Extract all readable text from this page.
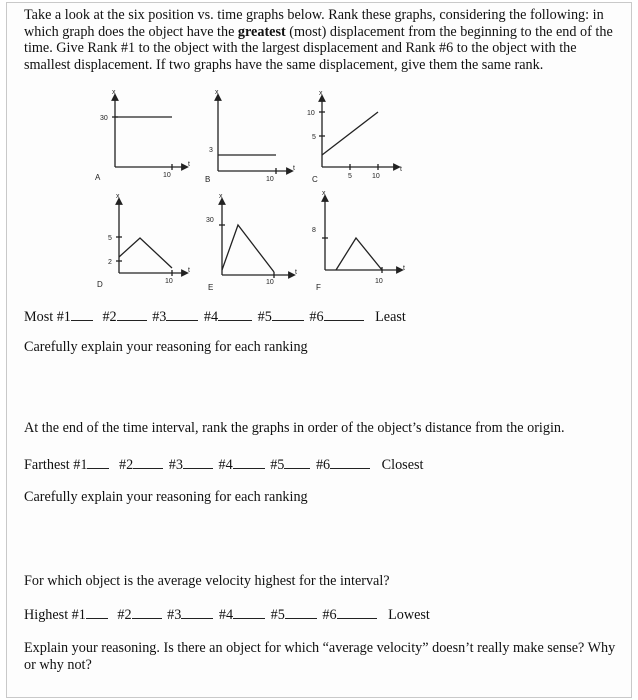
Take a look at the six position vs. time graphs below. Rank these graphs, considering the following: in which graph does the object have the greatest (most) displacement from the beginning to the end of the time. Give Rank #1 to the object with the largest displacement and Rank #6 to the object with the smallest displacement. If two graphs have the same displacement, give them the same rank.
x
t
30
10
A
x
t
3
10
B
x
t
10
5
5	10
C
x
t
5
2
10
D
x
t
30
10
E
x
t
8
10
F
Most #1 #2	#3	#4	#5	#6	Least
Carefully explain your reasoning for each ranking
At the end of the time interval, rank the graphs in order of the object’s distance from the origin.
Farthest #1 #2	#3	#4	#5 #6	Closest
Carefully explain your reasoning for each ranking
For which object is the average velocity highest for the interval?
Highest #1 #2	#3	#4	#5	#6	Lowest
Explain your reasoning. Is there an object for which “average velocity” doesn’t really make sense? Why or why not?
